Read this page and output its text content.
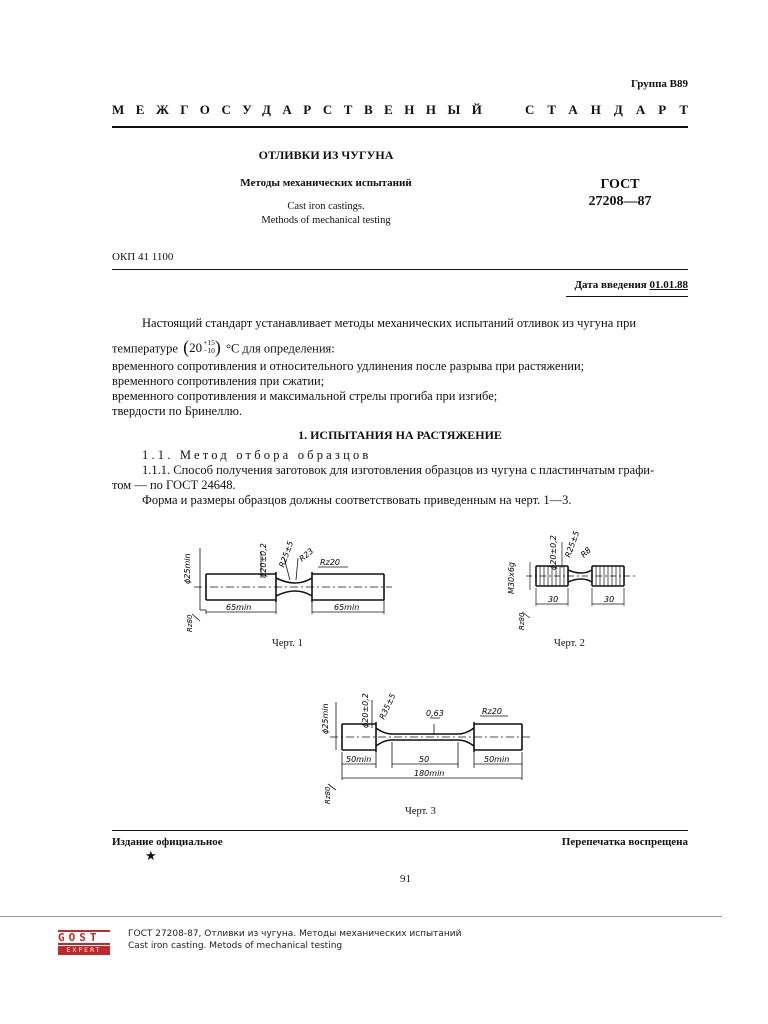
Группа В89
МЕЖГОСУДАРСТВЕННЫЙ СТАНДАРТ
ОТЛИВКИ ИЗ ЧУГУНА
Методы механических испытаний
Cast iron castings.
Methods of mechanical testing
ГОСТ
27208—87
ОКП 41 1100
Дата введения 01.01.88
Настоящий стандарт устанавливает методы механических испытаний отливок из чугуна при
температуре ( 20 +15
−10 ) °С для определения:
временного сопротивления и относительного удлинения после разрыва при растяжении;
временного сопротивления при сжатии;
временного сопротивления и максимальной стрелы прогиба при изгибе;
твердости по Бринеллю.
1. ИСПЫТАНИЯ НА РАСТЯЖЕНИЕ
1.1. Метод отбора образцов
1.1.1. Способ получения заготовок для изготовления образцов из чугуна с пластинчатым графи-
том — по ГОСТ 24648.
Форма и размеры образцов должны соответствовать приведенным на черт. 1—3.
ϕ25min	ϕ20±0,2 R25±5 R23 Rz20
65min	65min
Rz80
Черт. 1
M30x6g
ϕ20±0,2 R25±5
R8
30	30
Rz80
Черт. 2
ϕ25min	ϕ20±0,2 R35±5	0,63	Rz20
50min	50	50min
180min
Rz80
Черт. 3
Издание официальное	Перепечатка воспрещена
★
91
GOST
EXPERT
ГОСТ 27208-87, Отливки из чугуна. Методы механических испытаний
Cast iron casting. Metods of mechanical testing
